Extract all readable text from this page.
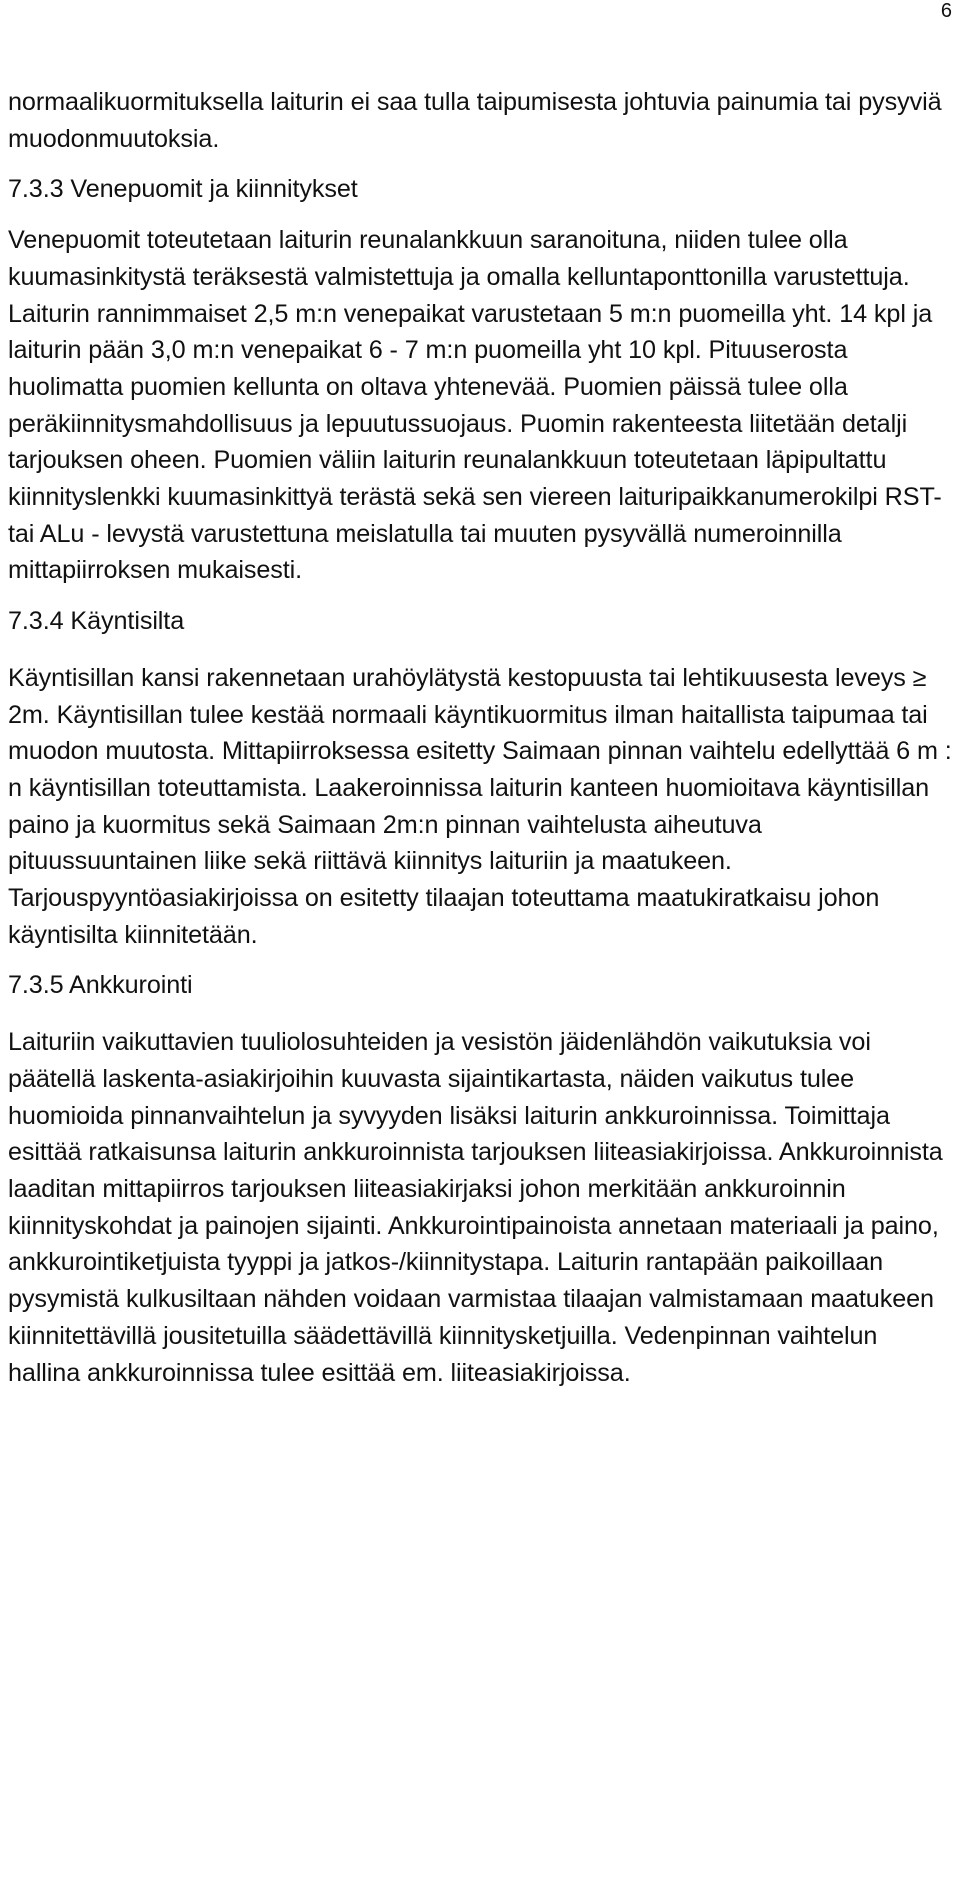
6

normaalikuormituksella laiturin ei saa tulla taipumisesta johtuvia painumia tai pysyviä muodonmuutoksia.

7.3.3 Venepuomit ja kiinnitykset

Venepuomit toteutetaan laiturin reunalankkuun saranoituna, niiden tulee olla kuumasinkitystä teräksestä valmistettuja ja omalla kelluntaponttonilla varustettuja. Laiturin rannimmaiset 2,5 m:n venepaikat varustetaan 5 m:n puomeilla yht. 14 kpl ja laiturin pään 3,0 m:n venepaikat 6 - 7 m:n puomeilla yht 10 kpl. Pituuserosta huolimatta puomien kellunta on oltava yhtenevää. Puomien päissä tulee olla peräkiinnitysmahdollisuus ja lepuutussuojaus. Puomin rakenteesta liitetään detalji tarjouksen oheen. Puomien väliin laiturin reunalankkuun toteutetaan läpipultattu kiinnityslenkki kuumasinkittyä terästä sekä sen viereen laituripaikkanumerokilpi RST-tai ALu - levystä varustettuna meislatulla tai muuten pysyvällä numeroinnilla mittapiirroksen mukaisesti.

7.3.4 Käyntisilta

Käyntisillan kansi rakennetaan urahöylätystä kestopuusta tai lehtikuusesta leveys ≥ 2m. Käyntisillan tulee kestää normaali käyntikuormitus ilman haitallista taipumaa tai muodon muutosta. Mittapiirroksessa esitetty Saimaan pinnan vaihtelu edellyttää 6 m : n käyntisillan toteuttamista. Laakeroinnissa laiturin kanteen huomioitava käyntisillan paino ja kuormitus sekä Saimaan 2m:n pinnan vaihtelusta aiheutuva pituussuuntainen liike sekä riittävä kiinnitys laituriin ja maatukeen. Tarjouspyyntöasiakirjoissa on esitetty tilaajan toteuttama maatukiratkaisu johon käyntisilta kiinnitetään.

7.3.5 Ankkurointi

Laituriin vaikuttavien tuuliolosuhteiden ja vesistön jäidenlähdön vaikutuksia voi päätellä laskenta-asiakirjoihin kuuvasta sijaintikartasta, näiden vaikutus tulee huomioida pinnanvaihtelun ja syvyyden lisäksi laiturin ankkuroinnissa. Toimittaja esittää ratkaisunsa laiturin ankkuroinnista tarjouksen liiteasiakirjoissa. Ankkuroinnista laaditan mittapiirros tarjouksen liiteasiakirjaksi johon merkitään ankkuroinnin kiinnityskohdat ja painojen sijainti. Ankkurointipainoista annetaan materiaali ja paino, ankkurointiketjuista tyyppi ja jatkos-/kiinnitystapa. Laiturin rantapään paikoillaan pysymistä kulkusiltaan nähden voidaan varmistaa tilaajan valmistamaan maatukeen kiinnitettävillä jousitetuilla säädettävillä kiinnitysketjuilla. Vedenpinnan vaihtelun hallina ankkuroinnissa tulee esittää em. liiteasiakirjoissa.
